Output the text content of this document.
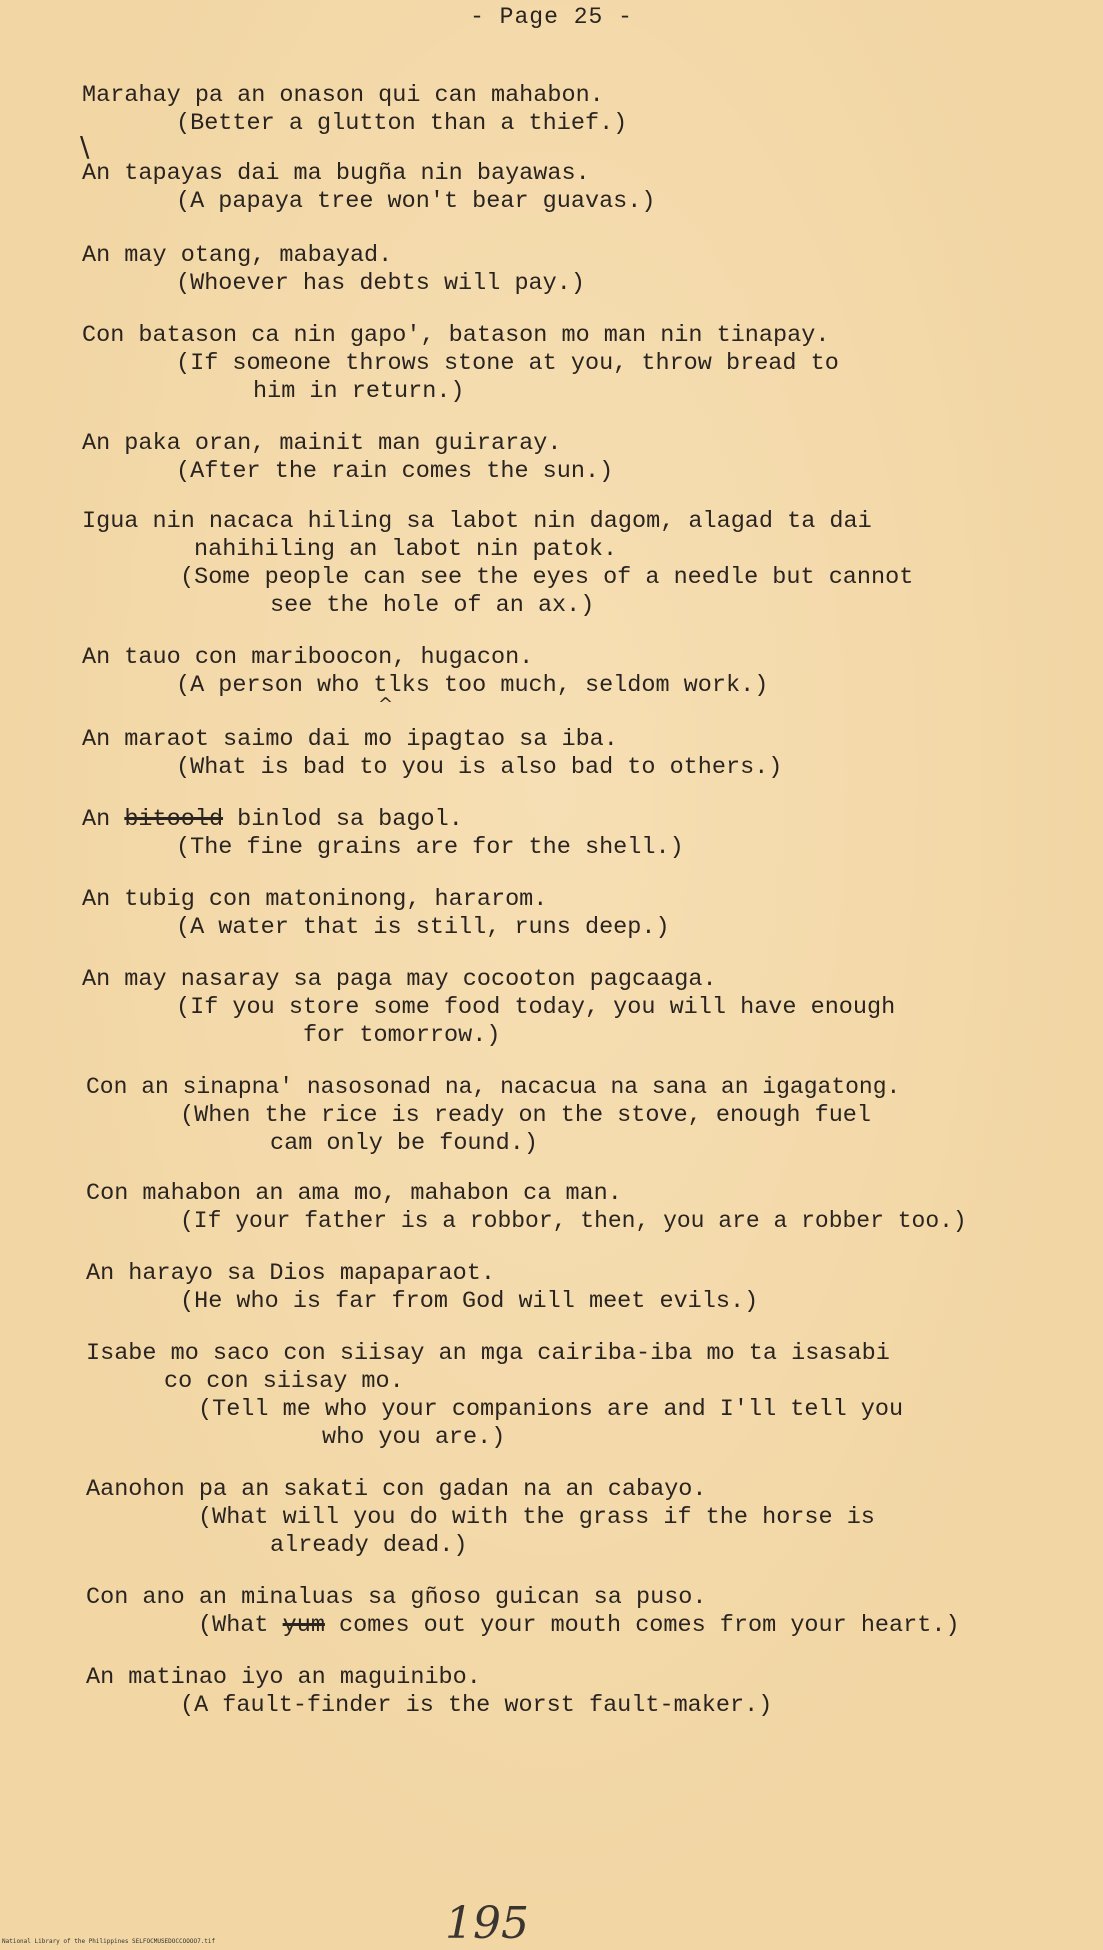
- Page 25 -
\
Marahay pa an onason qui can mahabon.
(Better a glutton than a thief.)
An tapayas dai ma bugña nin bayawas.
(A papaya tree won't bear guavas.)
An may otang, mabayad.
(Whoever has debts will pay.)
Con batason ca nin gapo', batason mo man nin tinapay.
(If someone throws stone at you, throw bread to
him in return.)
An paka oran, mainit man guiraray.
(After the rain comes the sun.)
Igua nin nacaca hiling sa labot nin dagom, alagad ta dai
nahihiling an labot nin patok.
(Some people can see the eyes of a needle but cannot
see the hole of an ax.)
An tauo con mariboocon, hugacon.
(A person who tlks too much, seldom work.)
^
An maraot saimo dai mo ipagtao sa iba.
(What is bad to you is also bad to others.)
An bitoold binlod sa bagol.
(The fine grains are for the shell.)
An tubig con matoninong, hararom.
(A water that is still, runs deep.)
An may nasaray sa paga may cocooton pagcaaga.
(If you store some food today, you will have enough
for tomorrow.)
Con an sinapna' nasosonad na, nacacua na sana an igagatong.
(When the rice is ready on the stove, enough fuel
cam only be found.)
Con mahabon an ama mo, mahabon ca man.
(If your father is a robbor, then, you are a robber too.)
An harayo sa Dios mapaparaot.
(He who is far from God will meet evils.)
Isabe mo saco con siisay an mga cairiba-iba mo ta isasabi
co con siisay mo.
(Tell me who your companions are and I'll tell you
who you are.)
Aanohon pa an sakati con gadan na an cabayo.
(What will you do with the grass if the horse is
already dead.)
Con ano an minaluas sa gñoso guican sa puso.
(What yum comes out your mouth comes from your heart.)
An matinao iyo an maguinibo.
(A fault-finder is the worst fault-maker.)
195
National Library of the Philippines SELFOCMUSEDOCCOOOO7.tif
